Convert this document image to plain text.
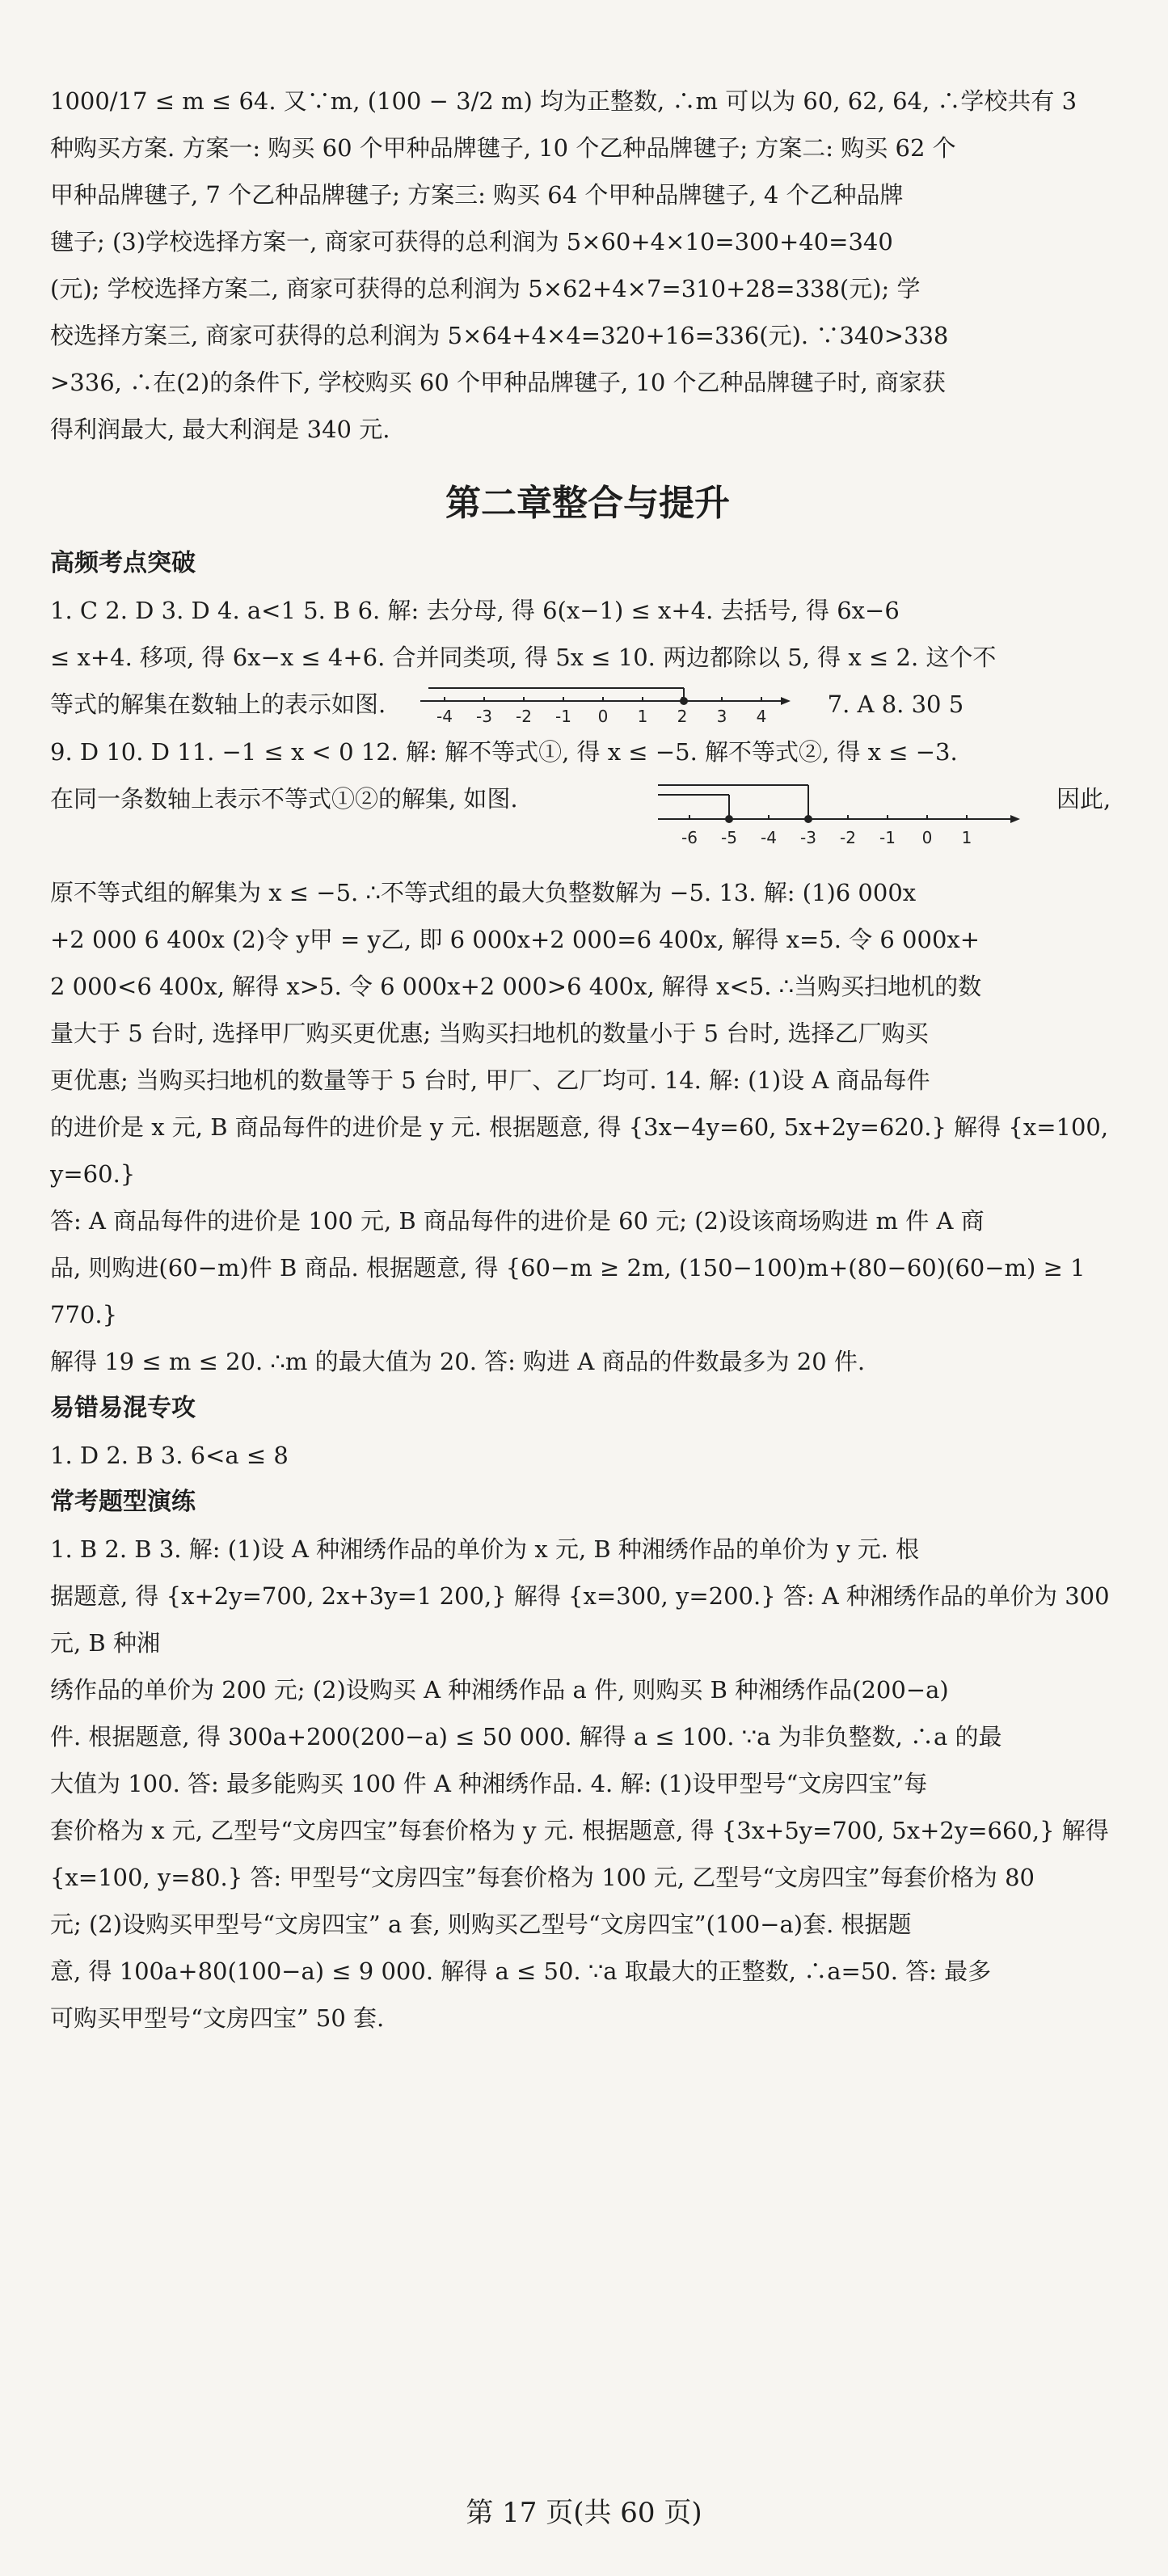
1000/17 ≤ m ≤ 64. 又∵m, (100 − 3/2 m) 均为正整数, ∴m 可以为 60, 62, 64, ∴学校共有 3

种购买方案. 方案一: 购买 60 个甲种品牌毽子, 10 个乙种品牌毽子; 方案二: 购买 62 个

甲种品牌毽子, 7 个乙种品牌毽子; 方案三: 购买 64 个甲种品牌毽子, 4 个乙种品牌

毽子; (3)学校选择方案一, 商家可获得的总利润为 5×60+4×10=300+40=340

(元); 学校选择方案二, 商家可获得的总利润为 5×62+4×7=310+28=338(元); 学

校选择方案三, 商家可获得的总利润为 5×64+4×4=320+16=336(元). ∵340>338

>336, ∴在(2)的条件下, 学校购买 60 个甲种品牌毽子, 10 个乙种品牌毽子时, 商家获

得利润最大, 最大利润是 340 元.

第二章整合与提升
高频考点突破

1. C 2. D 3. D 4. a<1 5. B 6. 解: 去分母, 得 6(x−1) ≤ x+4. 去括号, 得 6x−6

≤ x+4. 移项, 得 6x−x ≤ 4+6. 合并同类项, 得 5x ≤ 10. 两边都除以 5, 得 x ≤ 2. 这个不

等式的解集在数轴上的表示如图.	-4 -3 -2 -1 0 1 2 3 4	7. A 8. 30 5

9. D 10. D 11. −1 ≤ x < 0 12. 解: 解不等式①, 得 x ≤ −5. 解不等式②, 得 x ≤ −3.

在同一条数轴上表示不等式①②的解集, 如图.
-6 -5 -4 -3 -2 -1 0 1
因此,

原不等式组的解集为 x ≤ −5. ∴不等式组的最大负整数解为 −5. 13. 解: (1)6 000x

+2 000 6 400x (2)令 y甲 = y乙, 即 6 000x+2 000=6 400x, 解得 x=5. 令 6 000x+

2 000<6 400x, 解得 x>5. 令 6 000x+2 000>6 400x, 解得 x<5. ∴当购买扫地机的数

量大于 5 台时, 选择甲厂购买更优惠; 当购买扫地机的数量小于 5 台时, 选择乙厂购买

更优惠; 当购买扫地机的数量等于 5 台时, 甲厂、乙厂均可. 14. 解: (1)设 A 商品每件

的进价是 x 元, B 商品每件的进价是 y 元. 根据题意, 得 {3x−4y=60, 5x+2y=620.} 解得 {x=100, y=60.}

答: A 商品每件的进价是 100 元, B 商品每件的进价是 60 元; (2)设该商场购进 m 件 A 商

品, 则购进(60−m)件 B 商品. 根据题意, 得 {60−m ≥ 2m, (150−100)m+(80−60)(60−m) ≥ 1 770.}

解得 19 ≤ m ≤ 20. ∴m 的最大值为 20. 答: 购进 A 商品的件数最多为 20 件.

易错易混专攻

1. D 2. B 3. 6<a ≤ 8

常考题型演练

1. B 2. B 3. 解: (1)设 A 种湘绣作品的单价为 x 元, B 种湘绣作品的单价为 y 元. 根

据题意, 得 {x+2y=700, 2x+3y=1 200,} 解得 {x=300, y=200.} 答: A 种湘绣作品的单价为 300 元, B 种湘

绣作品的单价为 200 元; (2)设购买 A 种湘绣作品 a 件, 则购买 B 种湘绣作品(200−a)

件. 根据题意, 得 300a+200(200−a) ≤ 50 000. 解得 a ≤ 100. ∵a 为非负整数, ∴a 的最

大值为 100. 答: 最多能购买 100 件 A 种湘绣作品. 4. 解: (1)设甲型号“文房四宝”每

套价格为 x 元, 乙型号“文房四宝”每套价格为 y 元. 根据题意, 得 {3x+5y=700, 5x+2y=660,} 解得

{x=100, y=80.} 答: 甲型号“文房四宝”每套价格为 100 元, 乙型号“文房四宝”每套价格为 80

元; (2)设购买甲型号“文房四宝” a 套, 则购买乙型号“文房四宝”(100−a)套. 根据题

意, 得 100a+80(100−a) ≤ 9 000. 解得 a ≤ 50. ∵a 取最大的正整数, ∴a=50. 答: 最多

可购买甲型号“文房四宝” 50 套.

第 17 页(共 60 页)
